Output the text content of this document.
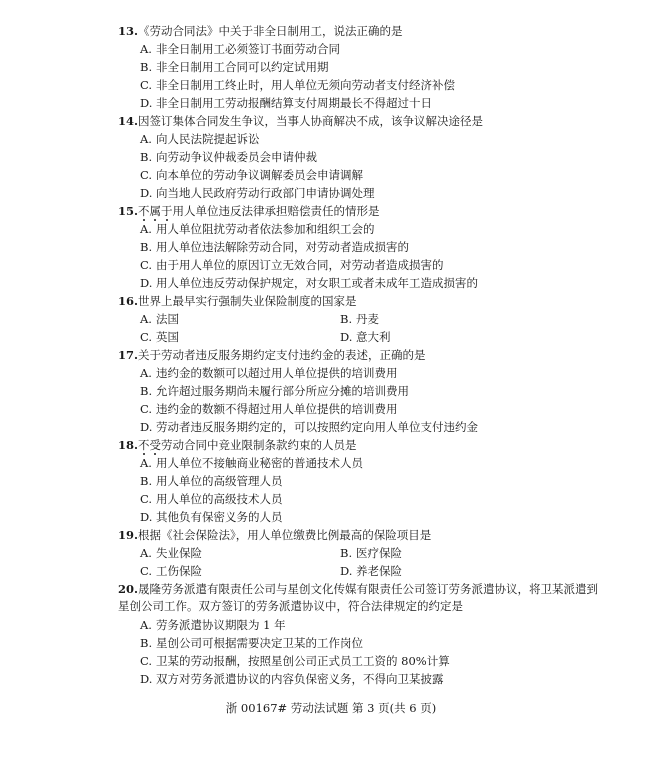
13.《劳动合同法》中关于非全日制用工，说法正确的是
A. 非全日制用工必须签订书面劳动合同
B. 非全日制用工合同可以约定试用期
C. 非全日制用工终止时，用人单位无须向劳动者支付经济补偿
D. 非全日制用工劳动报酬结算支付周期最长不得超过十日
14.因签订集体合同发生争议，当事人协商解决不成，该争议解决途径是
A. 向人民法院提起诉讼
B. 向劳动争议仲裁委员会申请仲裁
C. 向本单位的劳动争议调解委员会申请调解
D. 向当地人民政府劳动行政部门申请协调处理
15.不属于用人单位违反法律承担赔偿责任的情形是
A. 用人单位阻扰劳动者依法参加和组织工会的
B. 用人单位违法解除劳动合同，对劳动者造成损害的
C. 由于用人单位的原因订立无效合同，对劳动者造成损害的
D. 用人单位违反劳动保护规定，对女职工或者未成年工造成损害的
16.世界上最早实行强制失业保险制度的国家是
A. 法国	B. 丹麦
C. 英国	D. 意大利
17.关于劳动者违反服务期约定支付违约金的表述，正确的是
A. 违约金的数额可以超过用人单位提供的培训费用
B. 允许超过服务期尚未履行部分所应分摊的培训费用
C. 违约金的数额不得超过用人单位提供的培训费用
D. 劳动者违反服务期约定的，可以按照约定向用人单位支付违约金
18.不受劳动合同中竞业限制条款约束的人员是
A. 用人单位不接触商业秘密的普通技术人员
B. 用人单位的高级管理人员
C. 用人单位的高级技术人员
D. 其他负有保密义务的人员
19.根据《社会保险法》，用人单位缴费比例最高的保险项目是
A. 失业保险	B. 医疗保险
C. 工伤保险	D. 养老保险
20.晟隆劳务派遣有限责任公司与星创文化传媒有限责任公司签订劳务派遣协议，将卫某派遣到星创公司工作。双方签订的劳务派遣协议中，符合法律规定的约定是
A. 劳务派遣协议期限为 1 年
B. 星创公司可根据需要决定卫某的工作岗位
C. 卫某的劳动报酬，按照星创公司正式员工工资的 80%计算
D. 双方对劳务派遣协议的内容负保密义务，不得向卫某披露
浙 00167# 劳动法试题 第 3 页(共 6 页)
